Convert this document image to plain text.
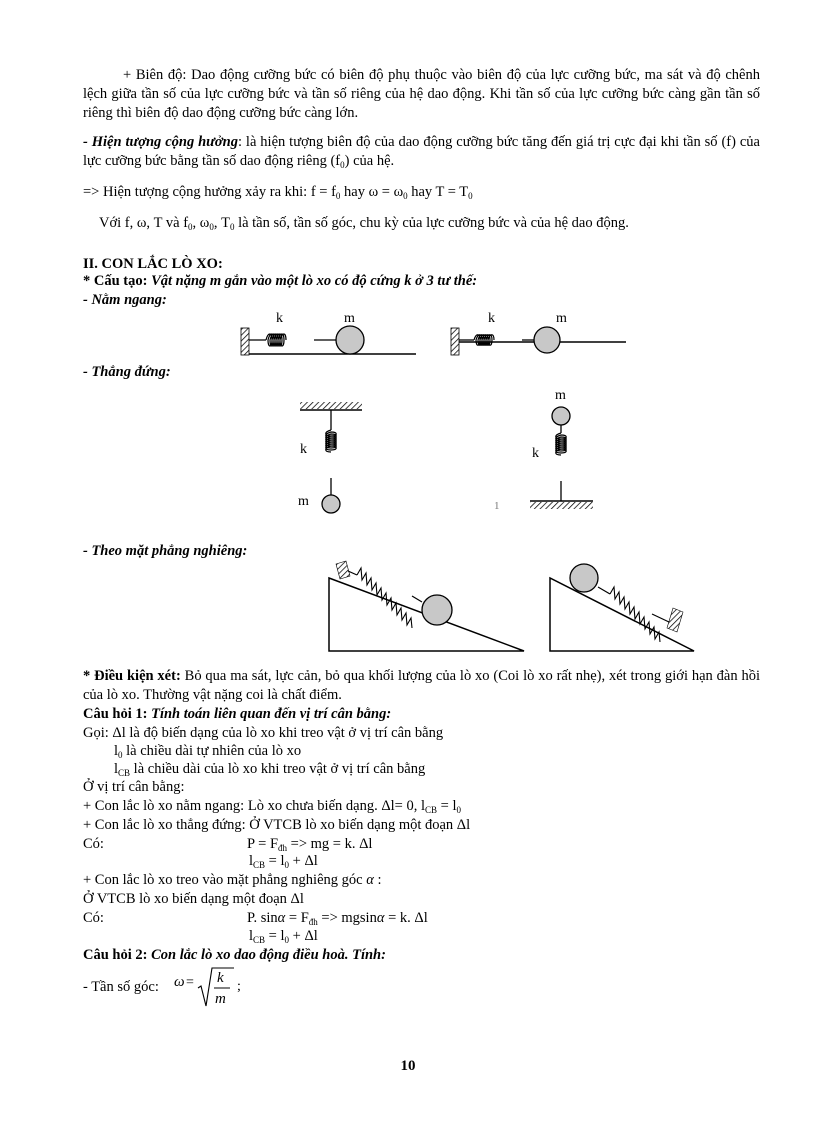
+ Biên độ: Dao động cưỡng bức có biên độ phụ thuộc vào biên độ của lực cưỡng bức, ma sát và độ chênh lệch giữa tần số của lực cưỡng bức và tần số riêng của hệ dao động. Khi tần số của lực cưỡng bức càng gần tần số riêng thì biên độ dao động cưỡng bức càng lớn.
- Hiện tượng cộng hưởng: là hiện tượng biên độ của dao động cưỡng bức tăng đến giá trị cực đại khi tần số (f) của lực cưỡng bức bằng tần số dao động riêng $(f_0)$ của hệ.
=> Hiện tượng cộng hưởng xảy ra khi: $f = f_0$ hay $\omega = \omega_0$ hay $T = T_0$
Với f, ω, T và $f_0$, $\omega_0$, $T_0$ là tần số, tần số góc, chu kỳ của lực cưỡng bức và của hệ dao động.
II. CON LẮC LÒ XO:
* Cấu tạo: Vật nặng m gắn vào một lò xo có độ cứng k ở 3 tư thế:
- Nằm ngang:
k	m	k	m
- Thẳng đứng:
k
m
m
k
1
- Theo mặt phẳng nghiêng:
* Điều kiện xét: Bỏ qua ma sát, lực cản, bỏ qua khối lượng của lò xo (Coi lò xo rất nhẹ), xét trong giới hạn đàn hồi của lò xo. Thường vật nặng coi là chất điểm.
Câu hỏi 1: Tính toán liên quan đến vị trí cân bằng:
Gọi: Δl là độ biến dạng của lò xo khi treo vật ở vị trí cân bằng
$l_0$ là chiều dài tự nhiên của lò xo
$l_{CB}$ là chiều dài của lò xo khi treo vật ở vị trí cân bằng
Ở vị trí cân bằng:
+ Con lắc lò xo nằm ngang: Lò xo chưa biến dạng. Δl= 0, $l_{CB} = l_0$
+ Con lắc lò xo thẳng đứng: Ở VTCB lò xo biến dạng một đoạn Δl
Có:	$P = F_{đh}$ => mg = k. Δl
$l_{CB} = l_0 + \Delta l$
+ Con lắc lò xo treo vào mặt phẳng nghiêng góc α :
Ở VTCB lò xo biến dạng một đoạn Δl
Có:	P. $\sin\alpha = F_{đh} => mgsin\alpha = k$. Δl
$l_{CB} = l_0 + \Delta l$
Câu hỏi 2: Con lắc lò xo dao động điều hoà. Tính:
- Tần số góc: ω = k
m
;
10
